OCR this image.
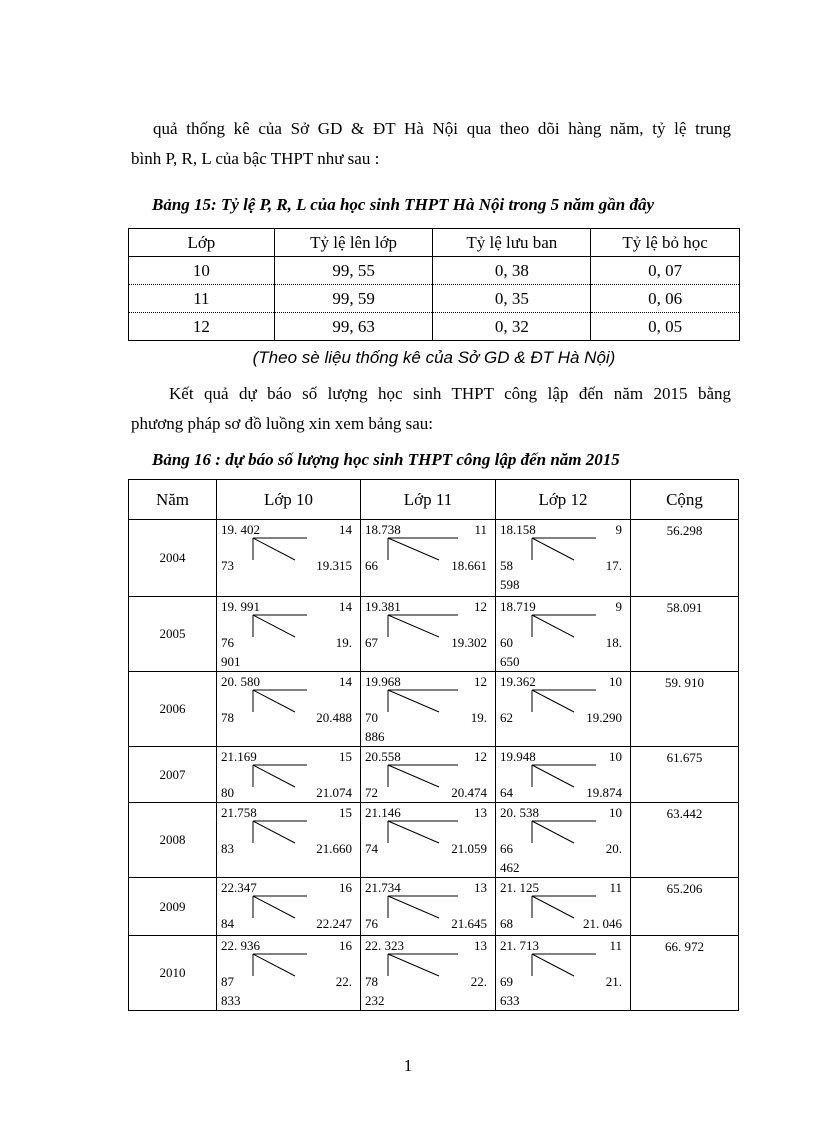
quả thống kê của Sở GD & ĐT Hà Nội qua theo dõi hàng năm, tỷ lệ trung
bình P, R, L của bậc THPT như sau :
Bảng 15: Tỷ lệ P, R, L của học sinh THPT Hà Nội trong 5 năm gần đây
Lớp	Tỷ lệ lên lớp	Tỷ lệ lưu ban	Tỷ lệ bỏ học
10	99, 55	0, 38	0, 07
11	99, 59	0, 35	0, 06
12	99, 63	0, 32	0, 05
(Theo sè liệu thống kê của Sở GD & ĐT Hà Nội)
Kết quả dự báo số lượng học sinh THPT công lập đến năm 2015 bằng
phương pháp sơ đồ luồng xin xem bảng sau:
Bảng 16 : dự báo số lượng học sinh THPT công lập đến năm 2015
Năm	Lớp 10	Lớp 11	Lớp 12	Cộng
2004	19. 402 14
73 19.315	18.738 11
66 18.661	18.158 9
58 17.
598	56.298
2005	19. 991 14
76 19.
901	19.381 12
67 19.302	18.719 9
60 18.
650	58.091
2006	20. 580 14
78 20.488	19.968 12
70 19.
886	19.362 10
62 19.290	59. 910
2007	21.169 15
80 21.074	20.558 12
72 20.474	19.948 10
64 19.874	61.675
2008	21.758 15
83 21.660	21.146 13
74 21.059	20. 538 10
66 20.
462	63.442
2009	22.347 16
84 22.247	21.734 13
76 21.645	21. 125 11
68 21. 046	65.206
2010	22. 936 16
87 22.
833	22. 323 13
78 22.
232	21. 713 11
69 21.
633	66. 972
1
